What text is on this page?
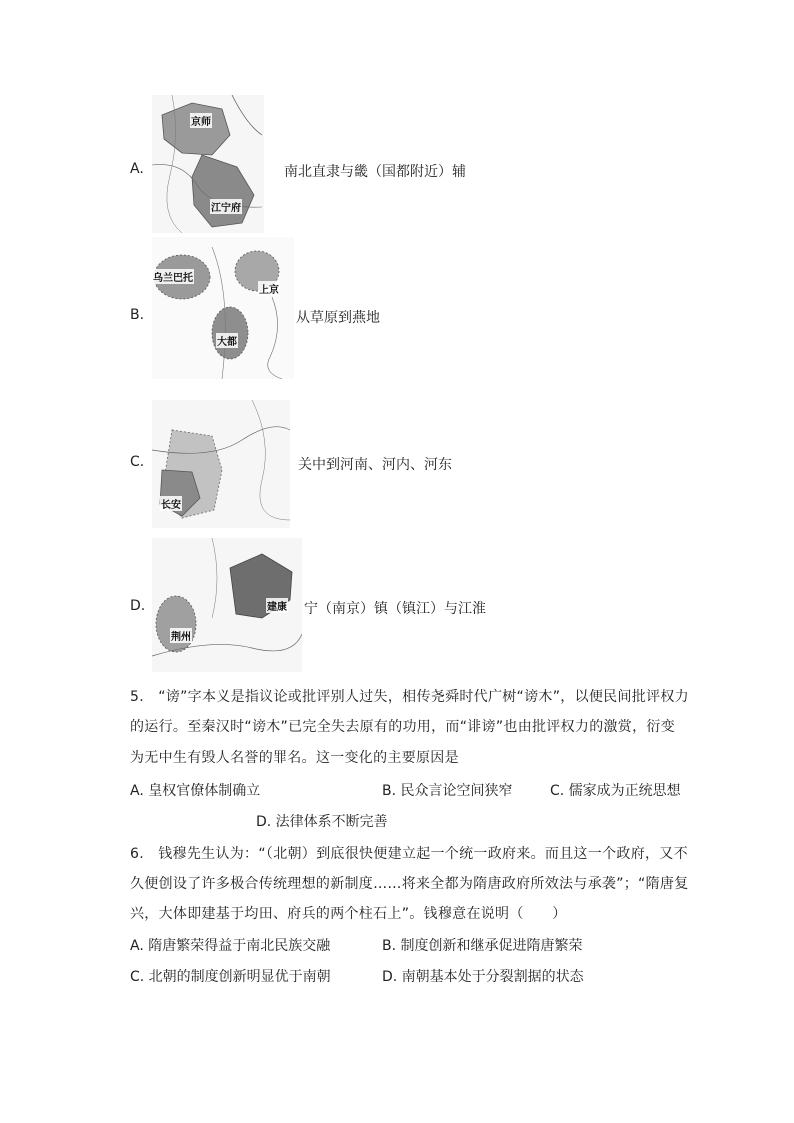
A.
京师
江宁府
南北直隶与畿（国都附近）辅
B.
乌兰巴托
上京
大都
从草原到燕地
C.
长安
关中到河南、河内、河东
D.
荆州
建康 宁（南京）镇（镇江）与江淮
5.　“谤”字本义是指议论或批评别人过失，相传尧舜时代广树“谤木”，以便民间批评权力
的运行。至秦汉时“谤木”已完全失去原有的功用，而“诽谤”也由批评权力的激赏，衍变
为无中生有毁人名誉的罪名。这一变化的主要原因是
A. 皇权官僚体制确立	B. 民众言论空间狭窄	C. 儒家成为正统思想
D. 法律体系不断完善
6.　钱穆先生认为：“（北朝）到底很快便建立起一个统一政府来。而且这一个政府，又不
久便创设了许多极合传统理想的新制度……将来全都为隋唐政府所效法与承袭”；“隋唐复
兴，大体即建基于均田、府兵的两个柱石上”。钱穆意在说明（　　）
A. 隋唐繁荣得益于南北民族交融	B. 制度创新和继承促进隋唐繁荣
C. 北朝的制度创新明显优于南朝	D. 南朝基本处于分裂割据的状态
